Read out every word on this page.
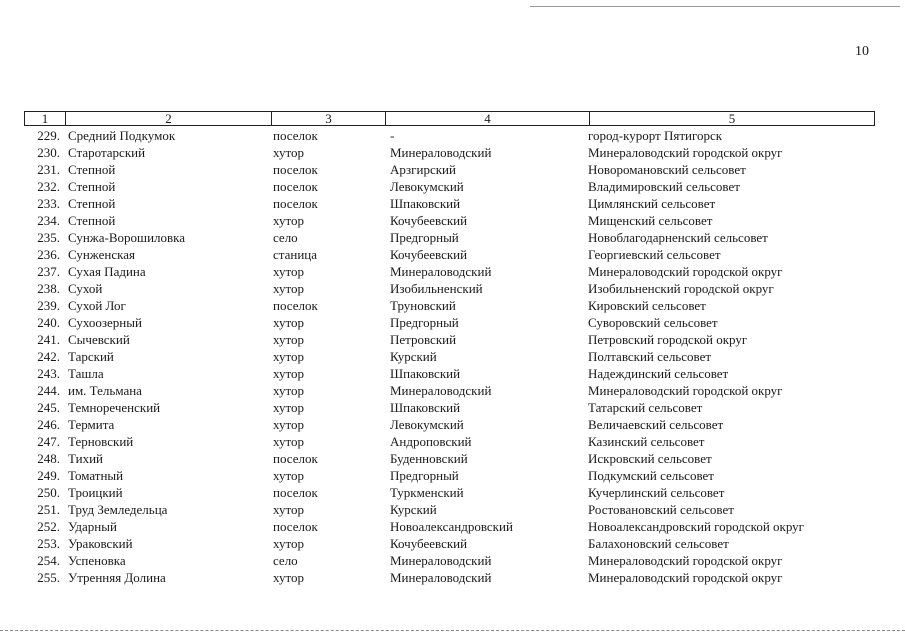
10
1	2	3	4	5
229. Средний Подкумок	поселок	-	город-курорт Пятигорск
230. Старотарский	хутор	Минераловодский	Минераловодский городской округ
231. Степной	поселок	Арзгирский	Новоромановский сельсовет
232. Степной	поселок	Левокумский	Владимировский сельсовет
233. Степной	поселок	Шпаковский	Цимлянский сельсовет
234. Степной	хутор	Кочубеевский	Мищенский сельсовет
235. Сунжа-Ворошиловка	село	Предгорный	Новоблагодарненский сельсовет
236. Сунженская	станица	Кочубеевский	Георгиевский сельсовет
237. Сухая Падина	хутор	Минераловодский	Минераловодский городской округ
238. Сухой	хутор	Изобильненский	Изобильненский городской округ
239. Сухой Лог	поселок	Труновский	Кировский сельсовет
240. Сухоозерный	хутор	Предгорный	Суворовский сельсовет
241. Сычевский	хутор	Петровский	Петровский городской округ
242. Тарский	хутор	Курский	Полтавский сельсовет
243. Ташла	хутор	Шпаковский	Надеждинский сельсовет
244. им. Тельмана	хутор	Минераловодский	Минераловодский городской округ
245. Темнореченский	хутор	Шпаковский	Татарский сельсовет
246. Термита	хутор	Левокумский	Величаевский сельсовет
247. Терновский	хутор	Андроповский	Казинский сельсовет
248. Тихий	поселок	Буденновский	Искровский сельсовет
249. Томатный	хутор	Предгорный	Подкумский сельсовет
250. Троицкий	поселок	Туркменский	Кучерлинский сельсовет
251. Труд Земледельца	хутор	Курский	Ростовановский сельсовет
252. Ударный	поселок	Новоалександровский	Новоалександровский городской округ
253. Ураковский	хутор	Кочубеевский	Балахоновский сельсовет
254. Успеновка	село	Минераловодский	Минераловодский городской округ
255. Утренняя Долина	хутор	Минераловодский	Минераловодский городской округ
